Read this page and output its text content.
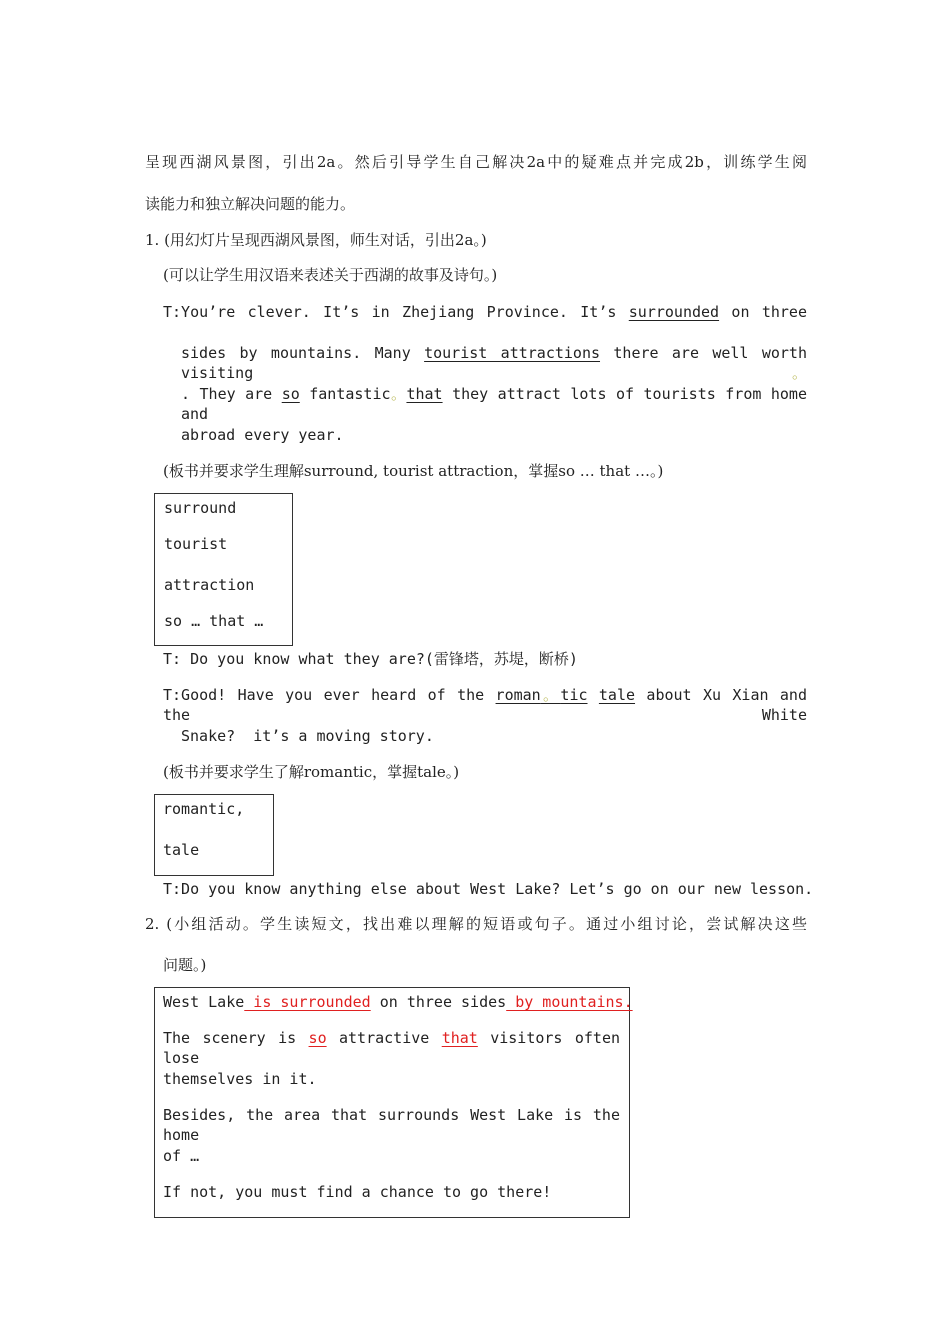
呈现西湖风景图，引出2a。然后引导学生自己解决2a中的疑难点并完成2b，训练学生阅
读能力和独立解决问题的能力。
1. (用幻灯片呈现西湖风景图，师生对话，引出2a。)
(可以让学生用汉语来表述关于西湖的故事及诗句。)
T:You’re clever. It’s in Zhejiang Province. It’s surrounded on three
sides by mountains. Many tourist attractions there are well worth visiting。
. They are so fantastic。that they attract lots of tourists from home and
abroad every year.
(板书并要求学生理解surround, tourist attraction，掌握so … that …。)
surround
tourist
attraction
so … that …
T: Do you know what they are?(雷锋塔，苏堤，断桥)
T:Good! Have you ever heard of the roman。tic tale about Xu Xian and the White
Snake?  it’s a moving story.
(板书并要求学生了解romantic，掌握tale。)
romantic,
tale
T:Do you know anything else about West Lake? Let’s go on our new lesson.
2. (小组活动。学生读短文，找出难以理解的短语或句子。通过小组讨论，尝试解决这些
问题。)
West Lake is surrounded on three sides by mountains.
The scenery is so attractive that visitors often lose
themselves in it.
Besides, the area that surrounds West Lake is the home
of …
If not, you must find a chance to go there!
